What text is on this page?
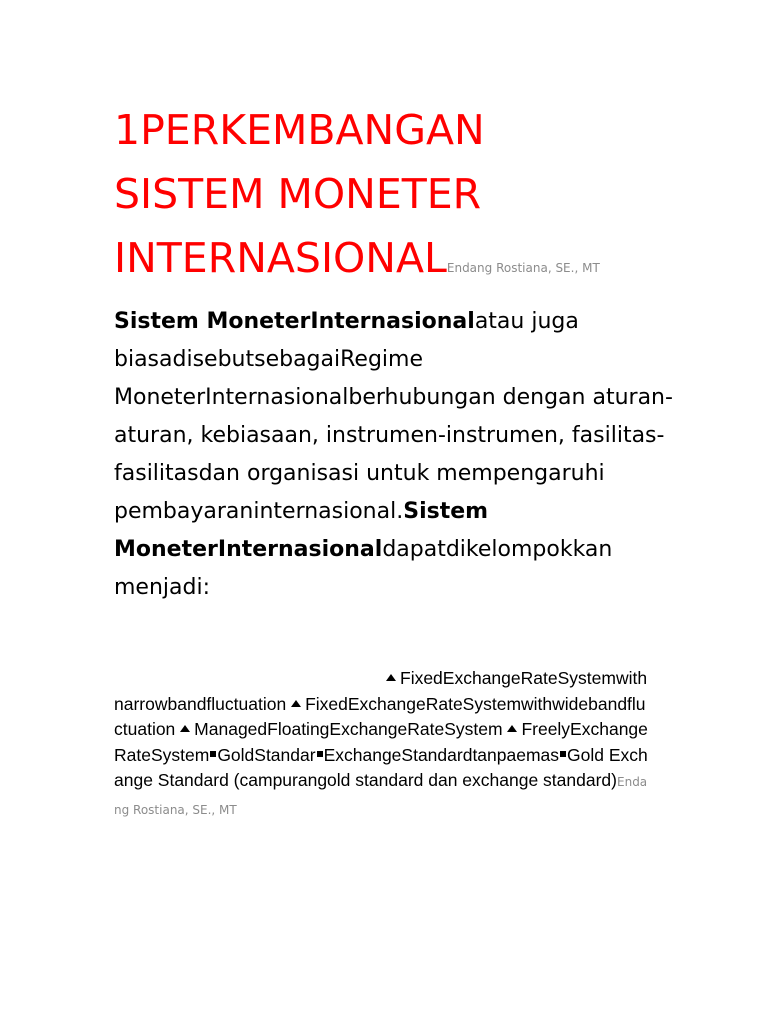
1PERKEMBANGAN
SISTEM MONETER
INTERNASIONALEndang Rostiana, SE., MT
Sistem MoneterInternasionalatau juga biasadisebutsebagaiRegime MoneterInternasionalberhubungan dengan aturan-aturan, kebiasaan, instrumen-instrumen, fasilitas-fasilitasdan organisasi untuk mempengaruhi pembayaraninternasional.Sistem MoneterInternasionaldapatdikelompokkan menjadi:
FixedExchangeRateSystemwithnarrowbandfluctuation FixedExchangeRateSystemwithwidebandfluctuation ManagedFloatingExchangeRateSystem FreelyExchangeRateSystem GoldStandar ExchangeStandardtanpaemas Gold Exchange Standard (campurangold standard dan exchange standard)Endang Rostiana, SE., MT
